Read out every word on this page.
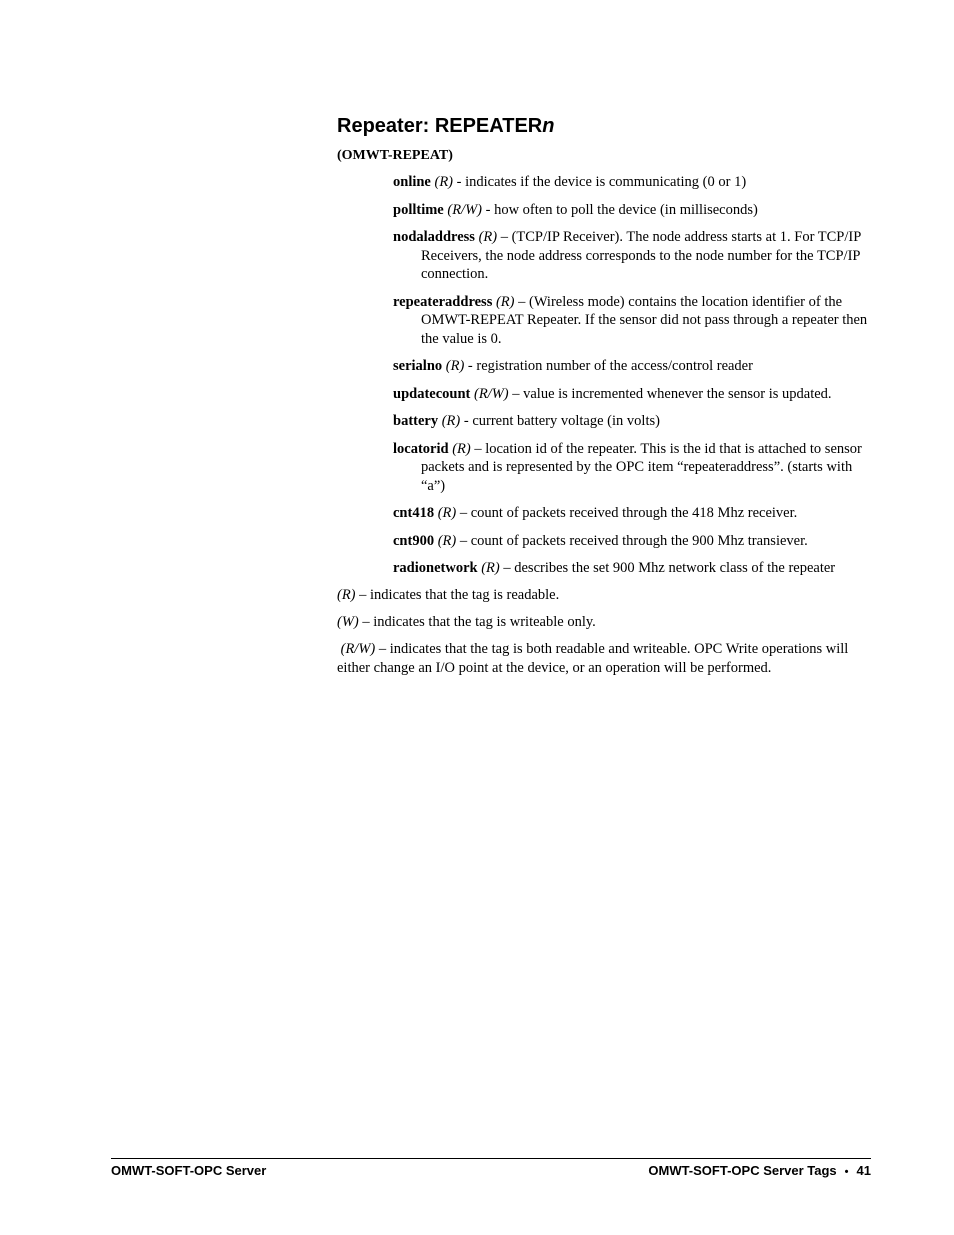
Repeater: REPEATERn

(OMWT-REPEAT)

online (R) - indicates if the device is communicating (0 or 1)
polltime (R/W) - how often to poll the device (in milliseconds)
nodaladdress (R) – (TCP/IP Receiver). The node address starts at 1. For TCP/IP Receivers, the node address corresponds to the node number for the TCP/IP connection.
repeateraddress (R) – (Wireless mode) contains the location identifier of the OMWT-REPEAT Repeater. If the sensor did not pass through a repeater then the value is 0.
serialno (R) - registration number of the access/control reader
updatecount (R/W) – value is incremented whenever the sensor is updated.
battery (R) - current battery voltage (in volts)
locatorid (R) – location id of the repeater. This is the id that is attached to sensor packets and is represented by the OPC item “repeateraddress”. (starts with “a”)
cnt418 (R) – count of packets received through the 418 Mhz receiver.
cnt900 (R) – count of packets received through the 900 Mhz transiever.
radionetwork (R) – describes the set 900 Mhz network class of the repeater

(R) – indicates that the tag is readable.

(W) – indicates that the tag is writeable only.

(R/W) – indicates that the tag is both readable and writeable. OPC Write operations will either change an I/O point at the device, or an operation will be performed.

OMWT-SOFT-OPC Server	OMWT-SOFT-OPC Server Tags • 41
